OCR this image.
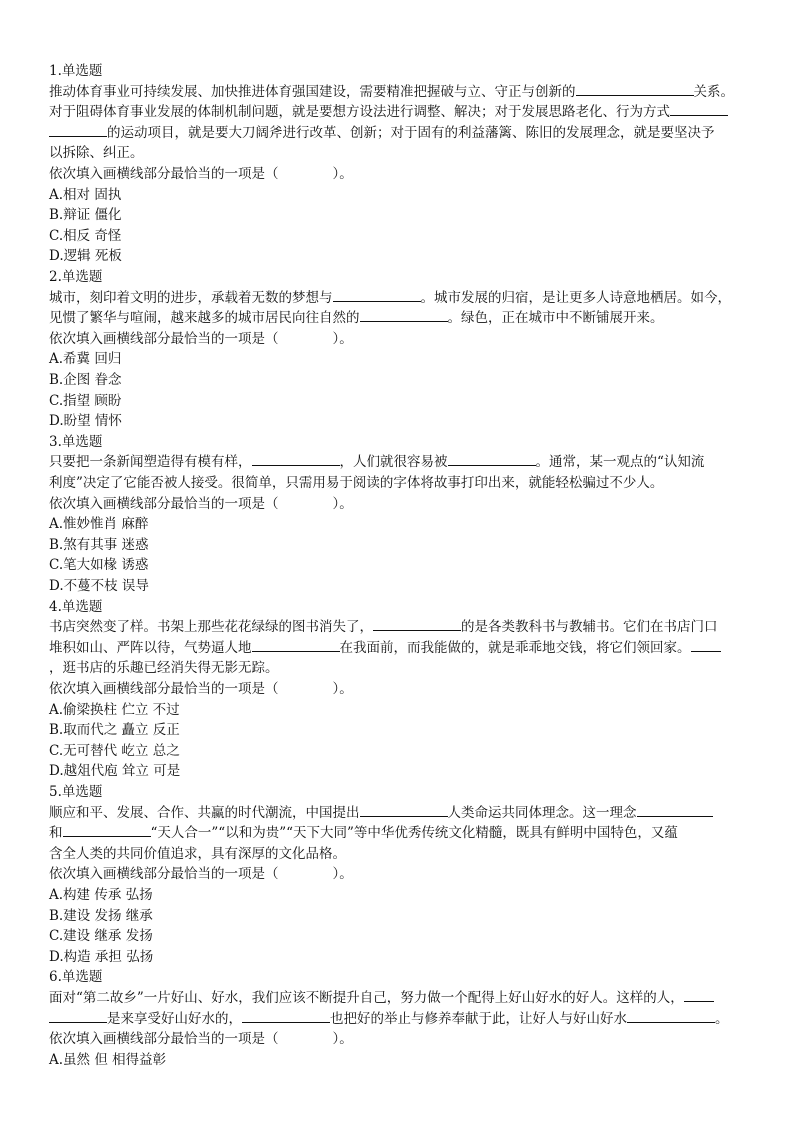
1.单选题
推动体育事业可持续发展、加快推进体育强国建设，需要精准把握破与立、守正与创新的	关系。
对于阻碍体育事业发展的体制机制问题，就是要想方设法进行调整、解决；对于发展思路老化、行为方式
的运动项目，就是要大刀阔斧进行改革、创新；对于固有的利益藩篱、陈旧的发展理念，就是要坚决予
以拆除、纠正。
依次填入画横线部分最恰当的一项是（　　　　）。
A.相对 固执
B.辩证 僵化
C.相反 奇怪
D.逻辑 死板
2.单选题
城市，刻印着文明的进步，承载着无数的梦想与	。城市发展的归宿，是让更多人诗意地栖居。如今，
见惯了繁华与喧闹，越来越多的城市居民向往自然的	。绿色，正在城市中不断铺展开来。
依次填入画横线部分最恰当的一项是（　　　　）。
A.希冀 回归
B.企图 眷念
C.指望 顾盼
D.盼望 情怀
3.单选题
只要把一条新闻塑造得有模有样，	，人们就很容易被	。通常，某一观点的“认知流
利度”决定了它能否被人接受。很简单，只需用易于阅读的字体将故事打印出来，就能轻松骗过不少人。
依次填入画横线部分最恰当的一项是（　　　　）。
A.惟妙惟肖 麻醉
B.煞有其事 迷惑
C.笔大如椽 诱惑
D.不蔓不枝 误导
4.单选题
书店突然变了样。书架上那些花花绿绿的图书消失了，	的是各类教科书与教辅书。它们在书店门口
堆积如山、严阵以待，气势逼人地	在我面前，而我能做的，就是乖乖地交钱，将它们领回家。
，逛书店的乐趣已经消失得无影无踪。
依次填入画横线部分最恰当的一项是（　　　　）。
A.偷梁换柱 伫立 不过
B.取而代之 矗立 反正
C.无可替代 屹立 总之
D.越俎代庖 耸立 可是
5.单选题
顺应和平、发展、合作、共赢的时代潮流，中国提出	人类命运共同体理念。这一理念
和	“天人合一”“以和为贵”“天下大同”等中华优秀传统文化精髓，既具有鲜明中国特色，又蕴
含全人类的共同价值追求，具有深厚的文化品格。
依次填入画横线部分最恰当的一项是（　　　　）。
A.构建 传承 弘扬
B.建设 发扬 继承
C.建设 继承 发扬
D.构造 承担 弘扬
6.单选题
面对“第二故乡”一片好山、好水，我们应该不断提升自己，努力做一个配得上好山好水的好人。这样的人，
是来享受好山好水的，	也把好的举止与修养奉献于此，让好人与好山好水	。
依次填入画横线部分最恰当的一项是（　　　　）。
A.虽然 但 相得益彰
